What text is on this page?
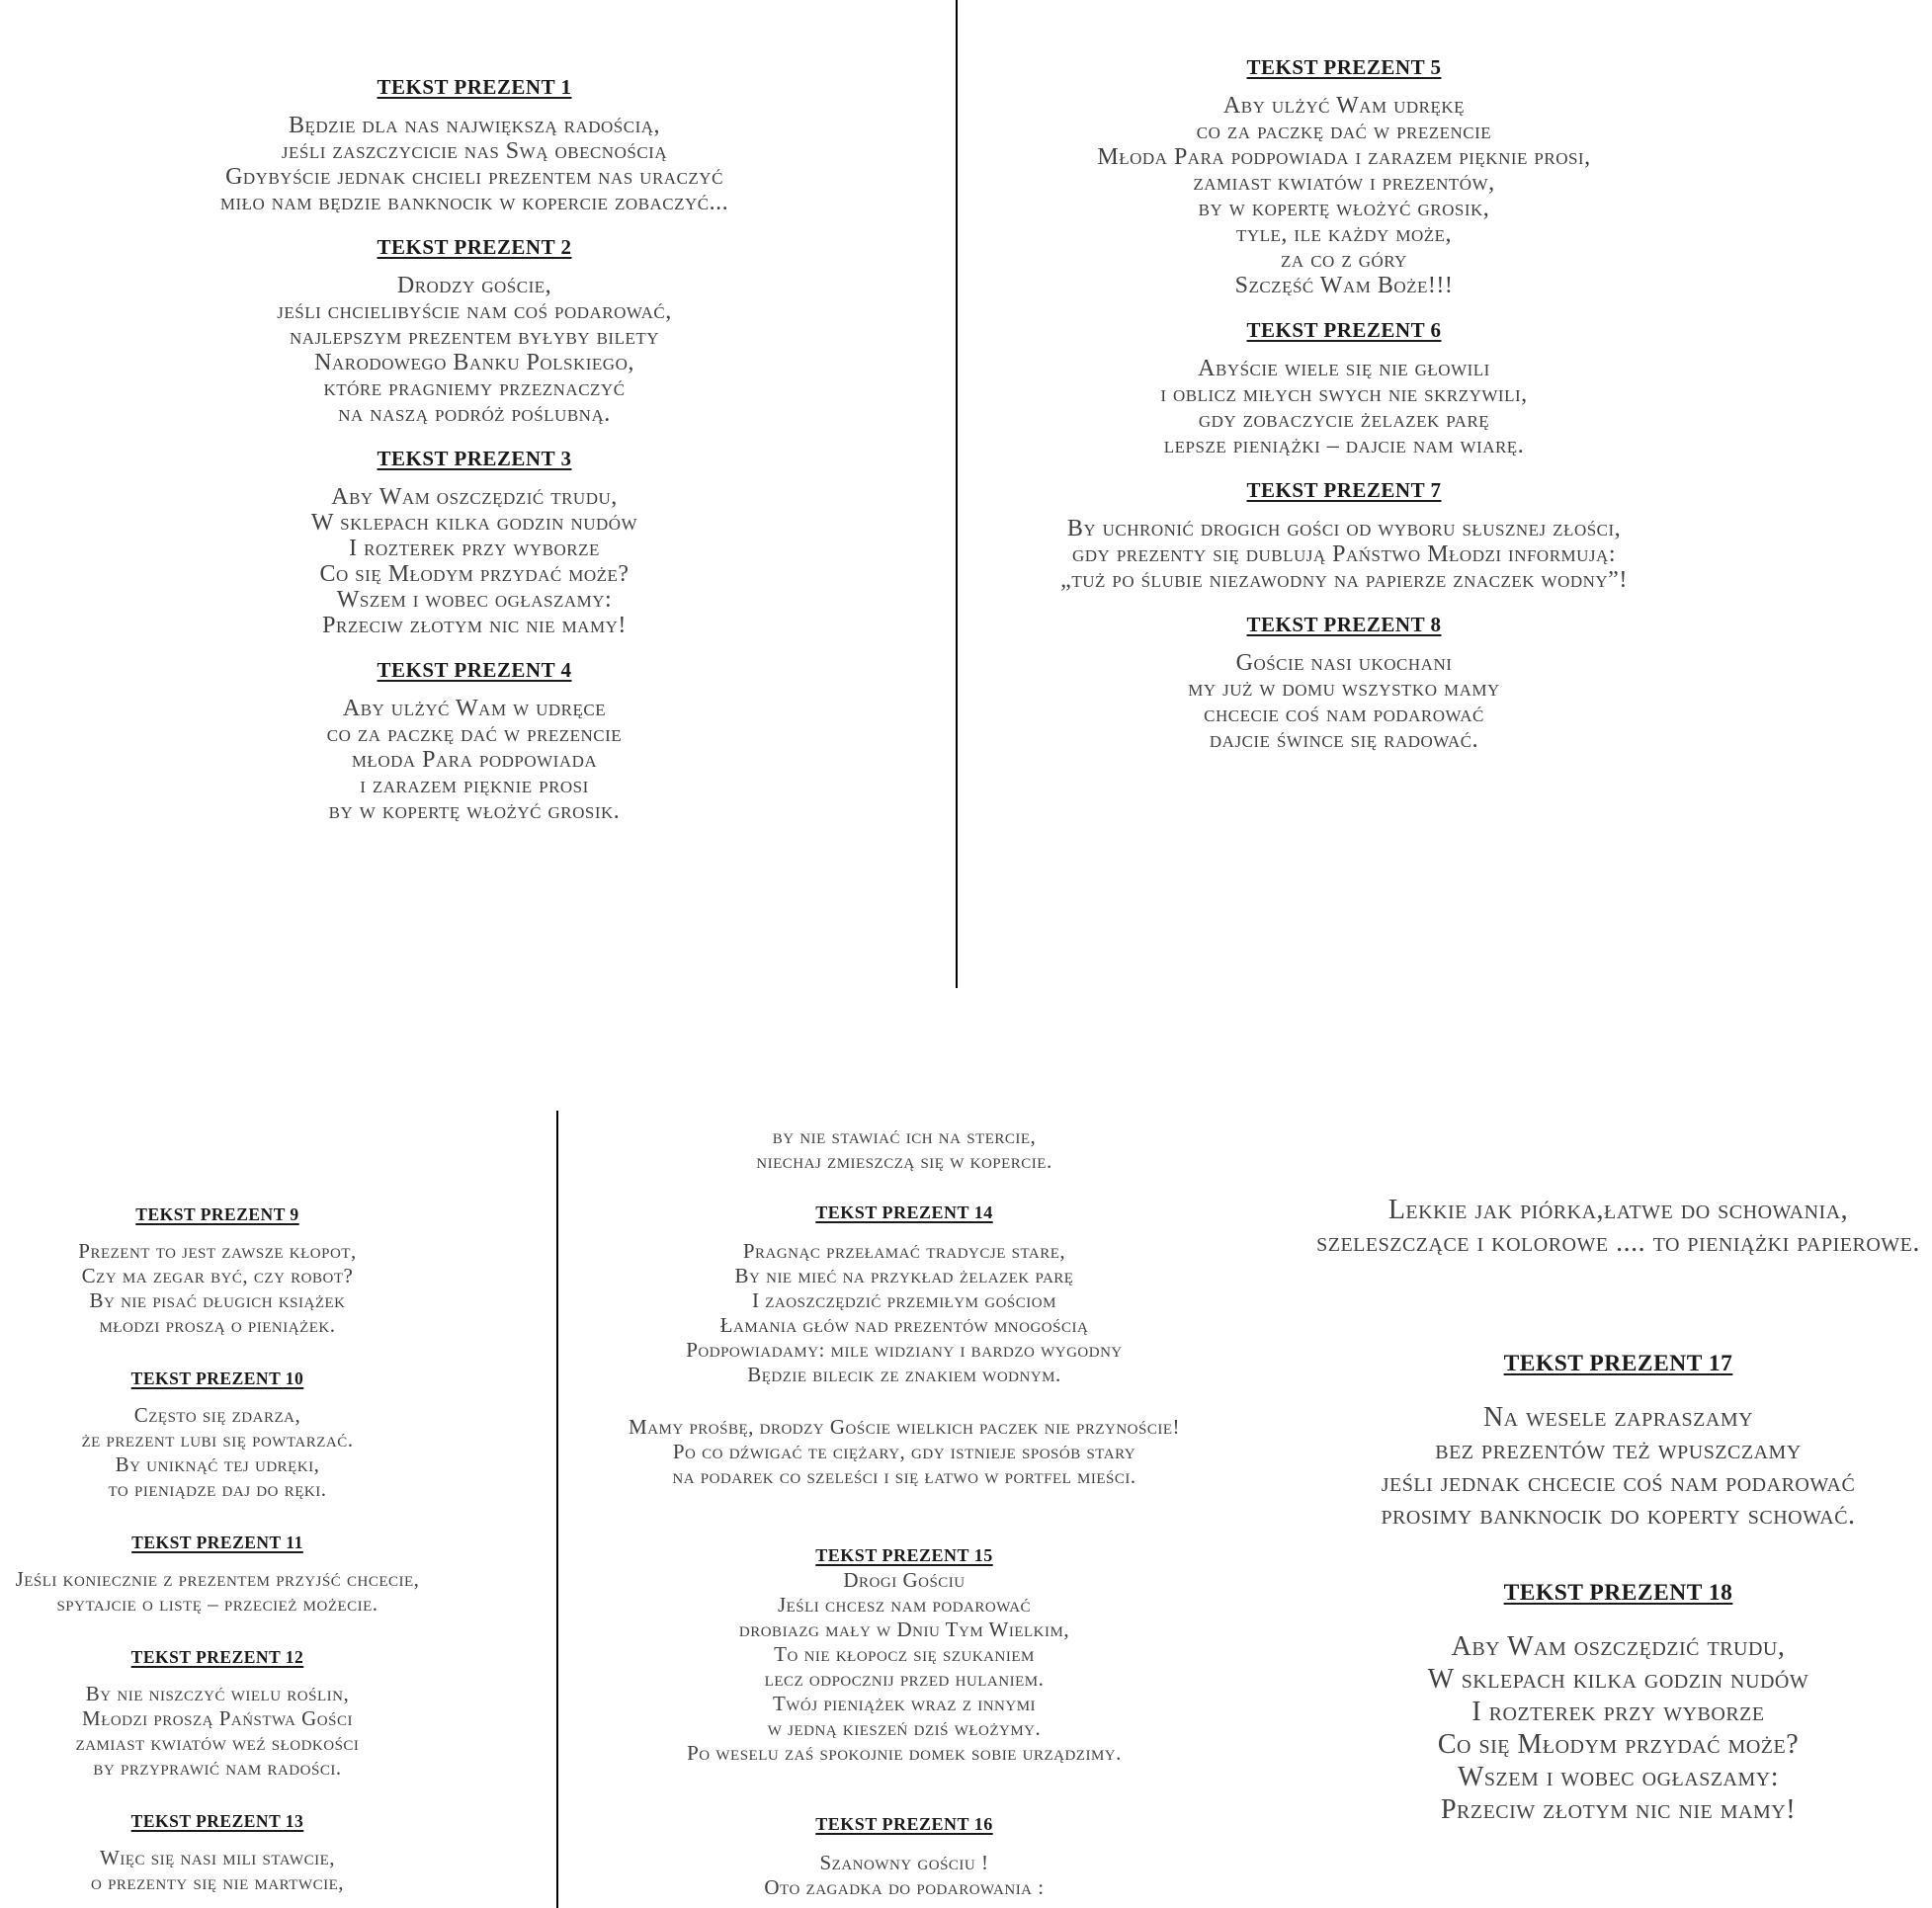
TEKST PREZENT 1

Będzie dla nas największą radością,

jeśli zaszczycicie nas Swą obecnością

Gdybyście jednak chcieli prezentem nas uraczyć

miło nam będzie banknocik w kopercie zobaczyć...

TEKST PREZENT 2

Drodzy goście,

jeśli chcielibyście nam coś podarować,

najlepszym prezentem byłyby bilety

Narodowego Banku Polskiego,

które pragniemy przeznaczyć

na naszą podróż poślubną.

TEKST PREZENT 3

Aby Wam oszczędzić trudu,

W sklepach kilka godzin nudów

I rozterek przy wyborze

Co się Młodym przydać może?

Wszem i wobec ogłaszamy:

Przeciw złotym nic nie mamy!

TEKST PREZENT 4

Aby ulżyć Wam w udręce

co za paczkę dać w prezencie

młoda Para podpowiada

i zarazem pięknie prosi

by w kopertę włożyć grosik.

TEKST PREZENT 5

Aby ulżyć Wam udrękę

co za paczkę dać w prezencie

Młoda Para podpowiada i zarazem pięknie prosi,

zamiast kwiatów i prezentów,

by w kopertę włożyć grosik,

tyle, ile każdy może,

za co z góry

Szczęść Wam Boże!!!

TEKST PREZENT 6

Abyście wiele się nie głowili

i oblicz miłych swych nie skrzywili,

gdy zobaczycie żelazek parę

lepsze pieniążki – dajcie nam wiarę.

TEKST PREZENT 7

By uchronić drogich gości od wyboru słusznej złości,

gdy prezenty się dublują Państwo Młodzi informują:

„tuż po ślubie niezawodny na papierze znaczek wodny”!

TEKST PREZENT 8

Goście nasi ukochani

my już w domu wszystko mamy

chcecie coś nam podarować

dajcie śwince się radować.

TEKST PREZENT 9

Prezent to jest zawsze kłopot,

Czy ma zegar być, czy robot?

By nie pisać długich książek

młodzi proszą o pieniążek.

TEKST PREZENT 10

Często się zdarza,

że prezent lubi się powtarzać.

By uniknąć tej udręki,

to pieniądze daj do ręki.

TEKST PREZENT 11

Jeśli koniecznie z prezentem przyjść chcecie,

spytajcie o listę – przecież możecie.

TEKST PREZENT 12

By nie niszczyć wielu roślin,

Młodzi proszą Państwa Gości

zamiast kwiatów weź słodkości

by przyprawić nam radości.

TEKST PREZENT 13

Więc się nasi mili stawcie,

o prezenty się nie martwcie,

by nie stawiać ich na stercie,

niechaj zmieszczą się w kopercie.

TEKST PREZENT 14

Pragnąc przełamać tradycje stare,

By nie mieć na przykład żelazek parę

I zaoszczędzić przemiłym gościom

Łamania głów nad prezentów mnogością

Podpowiadamy: mile widziany i bardzo wygodny

Będzie bilecik ze znakiem wodnym.

Mamy prośbę, drodzy Goście wielkich paczek nie przynoście!

Po co dźwigać te ciężary, gdy istnieje sposób stary

na podarek co szeleści i się łatwo w portfel mieści.

TEKST PREZENT 15

Drogi Gościu

Jeśli chcesz nam podarować

drobiazg mały w Dniu Tym Wielkim,

To nie kłopocz się szukaniem

lecz odpocznij przed hulaniem.

Twój pieniążek wraz z innymi

w jedną kieszeń dziś włożymy.

Po weselu zaś spokojnie domek sobie urządzimy.

TEKST PREZENT 16

Szanowny gościu !

Oto zagadka do podarowania :

Lekkie jak piórka,łatwe do schowania,

szeleszczące i kolorowe .... to pieniążki papierowe.

TEKST PREZENT 17

Na wesele zapraszamy

bez prezentów też wpuszczamy

jeśli jednak chcecie coś nam podarować

prosimy banknocik do koperty schować.

TEKST PREZENT 18

Aby Wam oszczędzić trudu,

W sklepach kilka godzin nudów

I rozterek przy wyborze

Co się Młodym przydać może?

Wszem i wobec ogłaszamy:

Przeciw złotym nic nie mamy!
